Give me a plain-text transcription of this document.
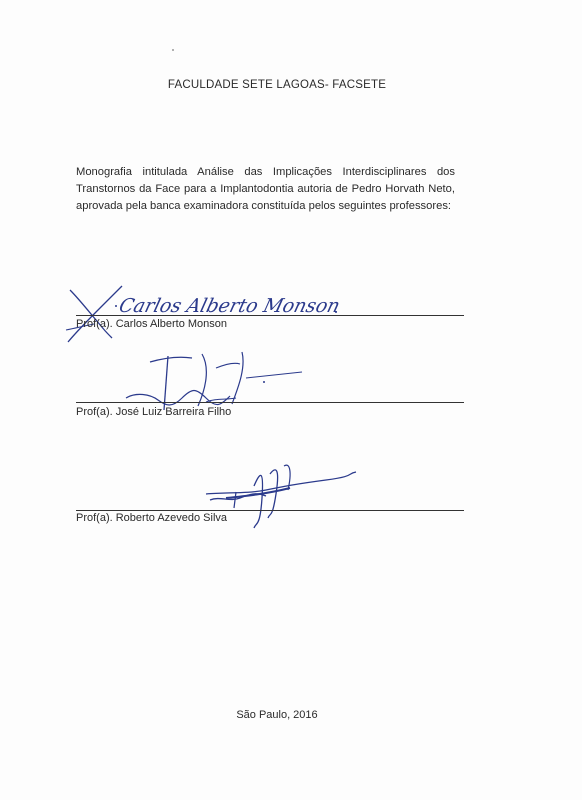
FACULDADE SETE LAGOAS- FACSETE

Monografia intitulada Análise das Implicações Interdisciplinares dos Transtornos da Face para a Implantodontia autoria de Pedro Horvath Neto, aprovada pela banca examinadora constituída pelos seguintes professores:

Carlos Alberto Monson
Prof(a). Carlos Alberto Monson
Prof(a). José Luiz Barreira Filho
Prof(a). Roberto Azevedo Silva
São Paulo, 2016
